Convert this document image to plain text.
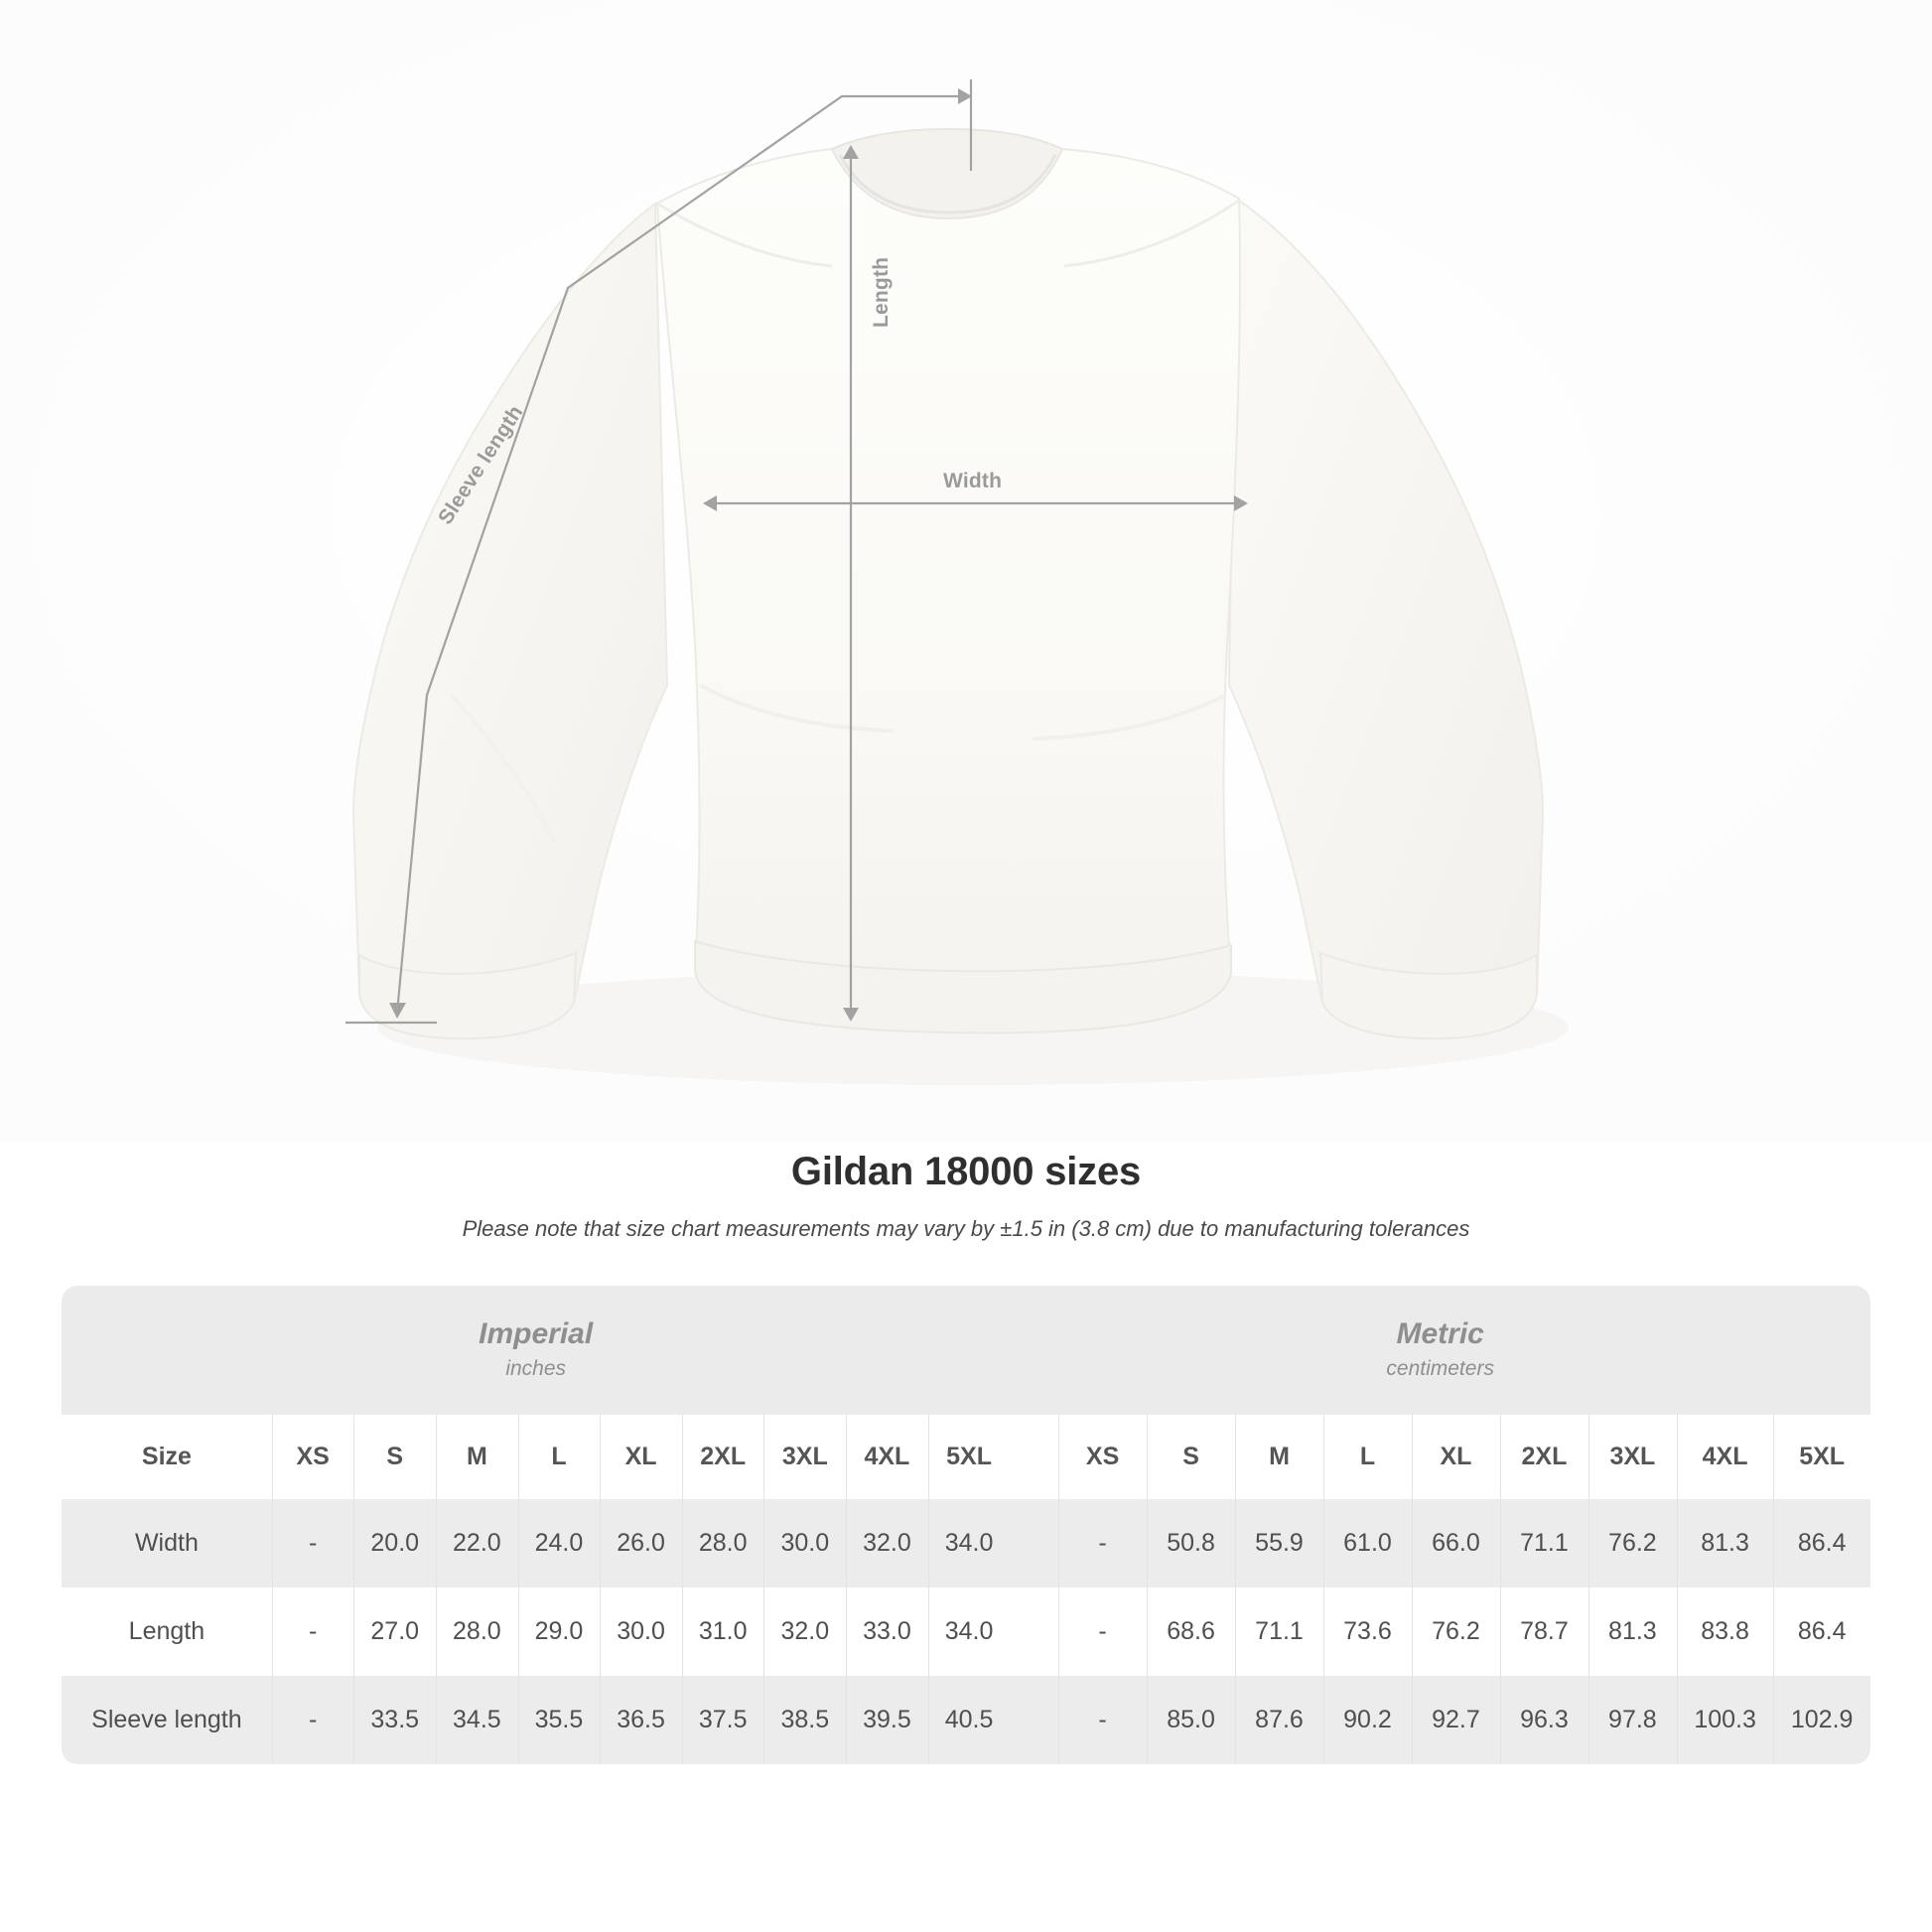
Width
Length
Sleeve length
Gildan 18000 sizes
Please note that size chart measurements may vary by ±1.5 in (3.8 cm) due to manufacturing tolerances
Imperial
inches

Metric
centimeters

Size	XS	S	M	L	XL	2XL	3XL	4XL	5XL		XS	S	M	L	XL	2XL	3XL	4XL	5XL
Width	-	20.0	22.0	24.0	26.0	28.0	30.0	32.0	34.0		-	50.8	55.9	61.0	66.0	71.1	76.2	81.3	86.4
Length	-	27.0	28.0	29.0	30.0	31.0	32.0	33.0	34.0		-	68.6	71.1	73.6	76.2	78.7	81.3	83.8	86.4
Sleeve length	-	33.5	34.5	35.5	36.5	37.5	38.5	39.5	40.5		-	85.0	87.6	90.2	92.7	96.3	97.8	100.3	102.9
